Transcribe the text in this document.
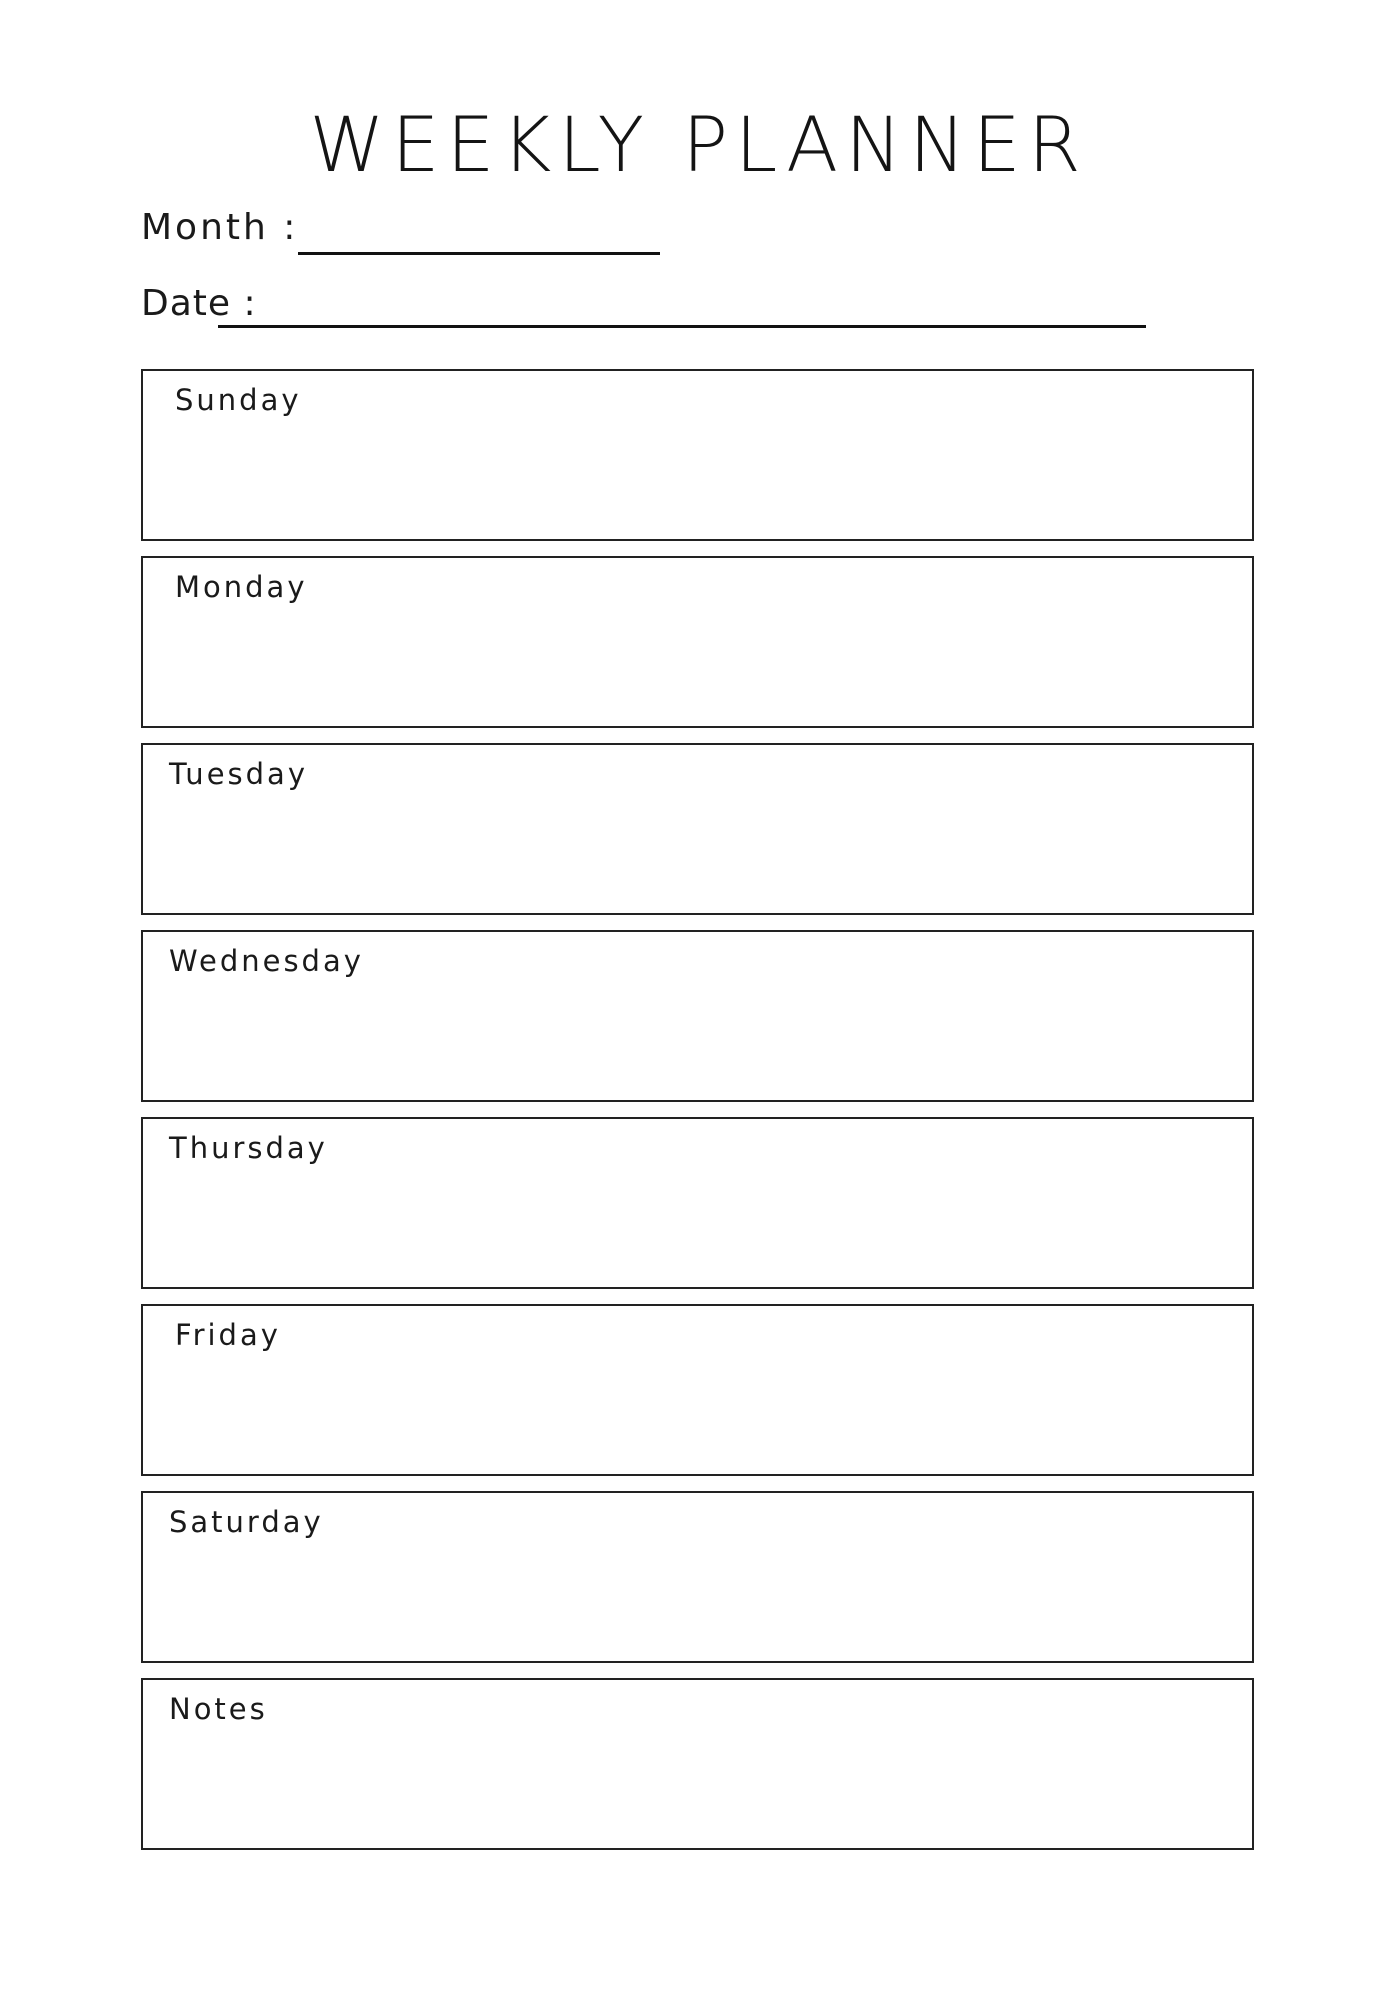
WEEKLY PLANNER
Month :
Date :
Sunday
Monday
Tuesday
Wednesday
Thursday
Friday
Saturday
Notes
